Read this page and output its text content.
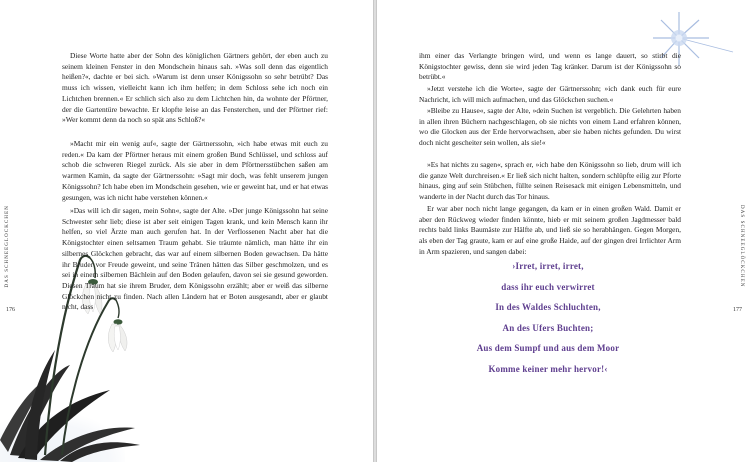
DAS SCHNEEGLÖCKCHEN
176

Diese Worte hatte aber der Sohn des königlichen Gärtners gehört, der eben auch zu seinem kleinen Fenster in den Mondschein hinaus sah. »Was soll denn das eigentlich heißen?«, dachte er bei sich. »Warum ist denn unser Königssohn so sehr betrübt? Das muss ich wissen, vielleicht kann ich ihm helfen; in dem Schloss sehe ich noch ein Lichtchen brennen.« Er schlich sich also zu dem Lichtchen hin, da wohnte der Pförtner, der die Gartentüre bewachte. Er klopfte leise an das Fensterchen, und der Pförtner rief: »Wer kommt denn da noch so spät ans Schloß?«

»Macht mir ein wenig auf«, sagte der Gärtnerssohn, »ich habe etwas mit euch zu reden.« Da kam der Pförtner heraus mit einem großen Bund Schlüssel, und schloss auf schob die schweren Riegel zurück. Als sie aber in dem Pförtnersstübchen saßen am warmen Kamin, da sagte der Gärtnerssohn: »Sagt mir doch, was fehlt unserem jungen Königssohn? Ich habe eben im Mondschein gesehen, wie er geweint hat, und er hat etwas gesungen, was ich nicht habe verstehen können.«

»Das will ich dir sagen, mein Sohn«, sagte der Alte. »Der junge Königssohn hat seine Schwester sehr lieb; diese ist aber seit einigen Tagen krank, und kein Mensch kann ihr helfen, so viel Ärzte man auch gerufen hat. In der Verflossenen Nacht aber hat die Königstochter einen seltsamen Traum gehabt. Sie träumte nämlich, man hätte ihr ein silbernes Glöckchen gebracht, das war auf einem silbernen Boden gewachsen. Da hätte ihr Bruder vor Freude geweint, und seine Tränen hätten das Silber geschmolzen, und es sei in einem silbernen Bächlein auf den Boden gelaufen, davon sei sie gesund geworden. Diesen Traum hat sie ihrem Bruder, dem Königssohn erzählt; aber er weiß das silberne Glöckchen nicht zu finden. Nach allen Ländern hat er Boten ausgesandt, aber er glaubt nicht, dass

DAS SCHNEEGLÖCKCHEN
177

ihm einer das Verlangte bringen wird, und wenn es lange dauert, so stirbt die Königstochter gewiss, denn sie wird jeden Tag kränker. Darum ist der Königssohn so betrübt.«

»Jetzt verstehe ich die Worte«, sagte der Gärtnerssohn; »ich dank euch für eure Nachricht, ich will mich aufmachen, und das Glöckchen suchen.«

»Bleibe zu Hause«, sagte der Alte, »dein Suchen ist vergeblich. Die Gelehrten haben in allen ihren Büchern nachgeschlagen, ob sie nichts von einem Land erfahren können, wo die Glocken aus der Erde hervorwachsen, aber sie haben nichts gefunden. Du wirst doch nicht gescheiter sein wollen, als sie!«

»Es hat nichts zu sagen«, sprach er, »ich habe den Königssohn so lieb, drum will ich die ganze Welt durchreisen.« Er ließ sich nicht halten, sondern schlüpfte eilig zur Pforte hinaus, ging auf sein Stübchen, füllte seinen Reisesack mit einigen Lebensmitteln, und wanderte in der Nacht durch das Tor hinaus.

Er war aber noch nicht lange gegangen, da kam er in einen großen Wald. Damit er aber den Rückweg wieder finden könnte, hieb er mit seinem großen Jagdmesser bald rechts bald links Baumäste zur Hälfte ab, und ließ sie so herabhängen. Gegen Morgen, als eben der Tag graute, kam er auf eine große Haide, auf der gingen drei Irrlichter Arm in Arm spazieren, und sangen dabei:

›Irret, irret, irret,
dass ihr euch verwirret
In des Waldes Schluchten,
An des Ufers Buchten;
Aus dem Sumpf und aus dem Moor
Komme keiner mehr hervor!‹
